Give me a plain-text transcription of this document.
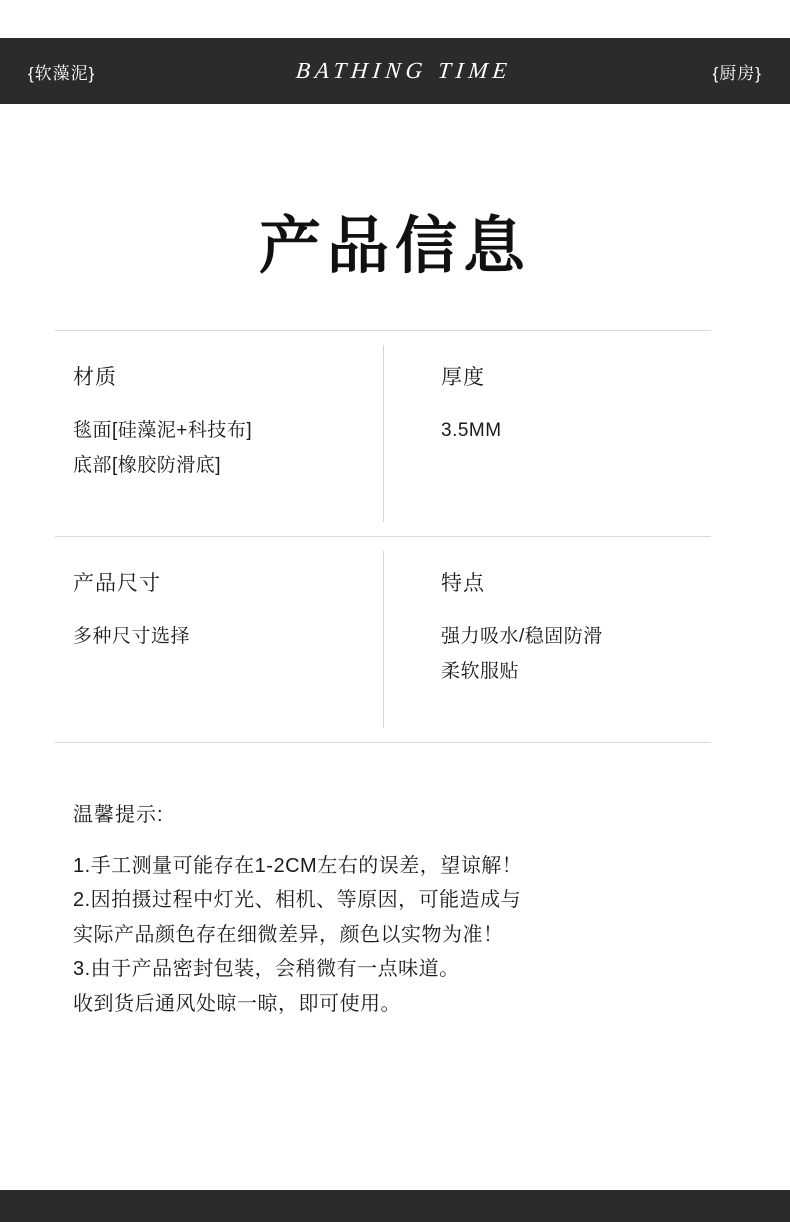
{软藻泥}	BATHING TIME	{厨房}
产品信息
材质
毯面[硅藻泥+科技布]
底部[橡胶防滑底]
厚度
3.5MM
产品尺寸
多种尺寸选择
特点
强力吸水/稳固防滑
柔软服贴
温馨提示:
1.手工测量可能存在1-2CM左右的误差，望谅解！
2.因拍摄过程中灯光、相机、等原因，可能造成与
实际产品颜色存在细微差异，颜色以实物为准！
3.由于产品密封包装，会稍微有一点味道。
收到货后通风处晾一晾，即可使用。
